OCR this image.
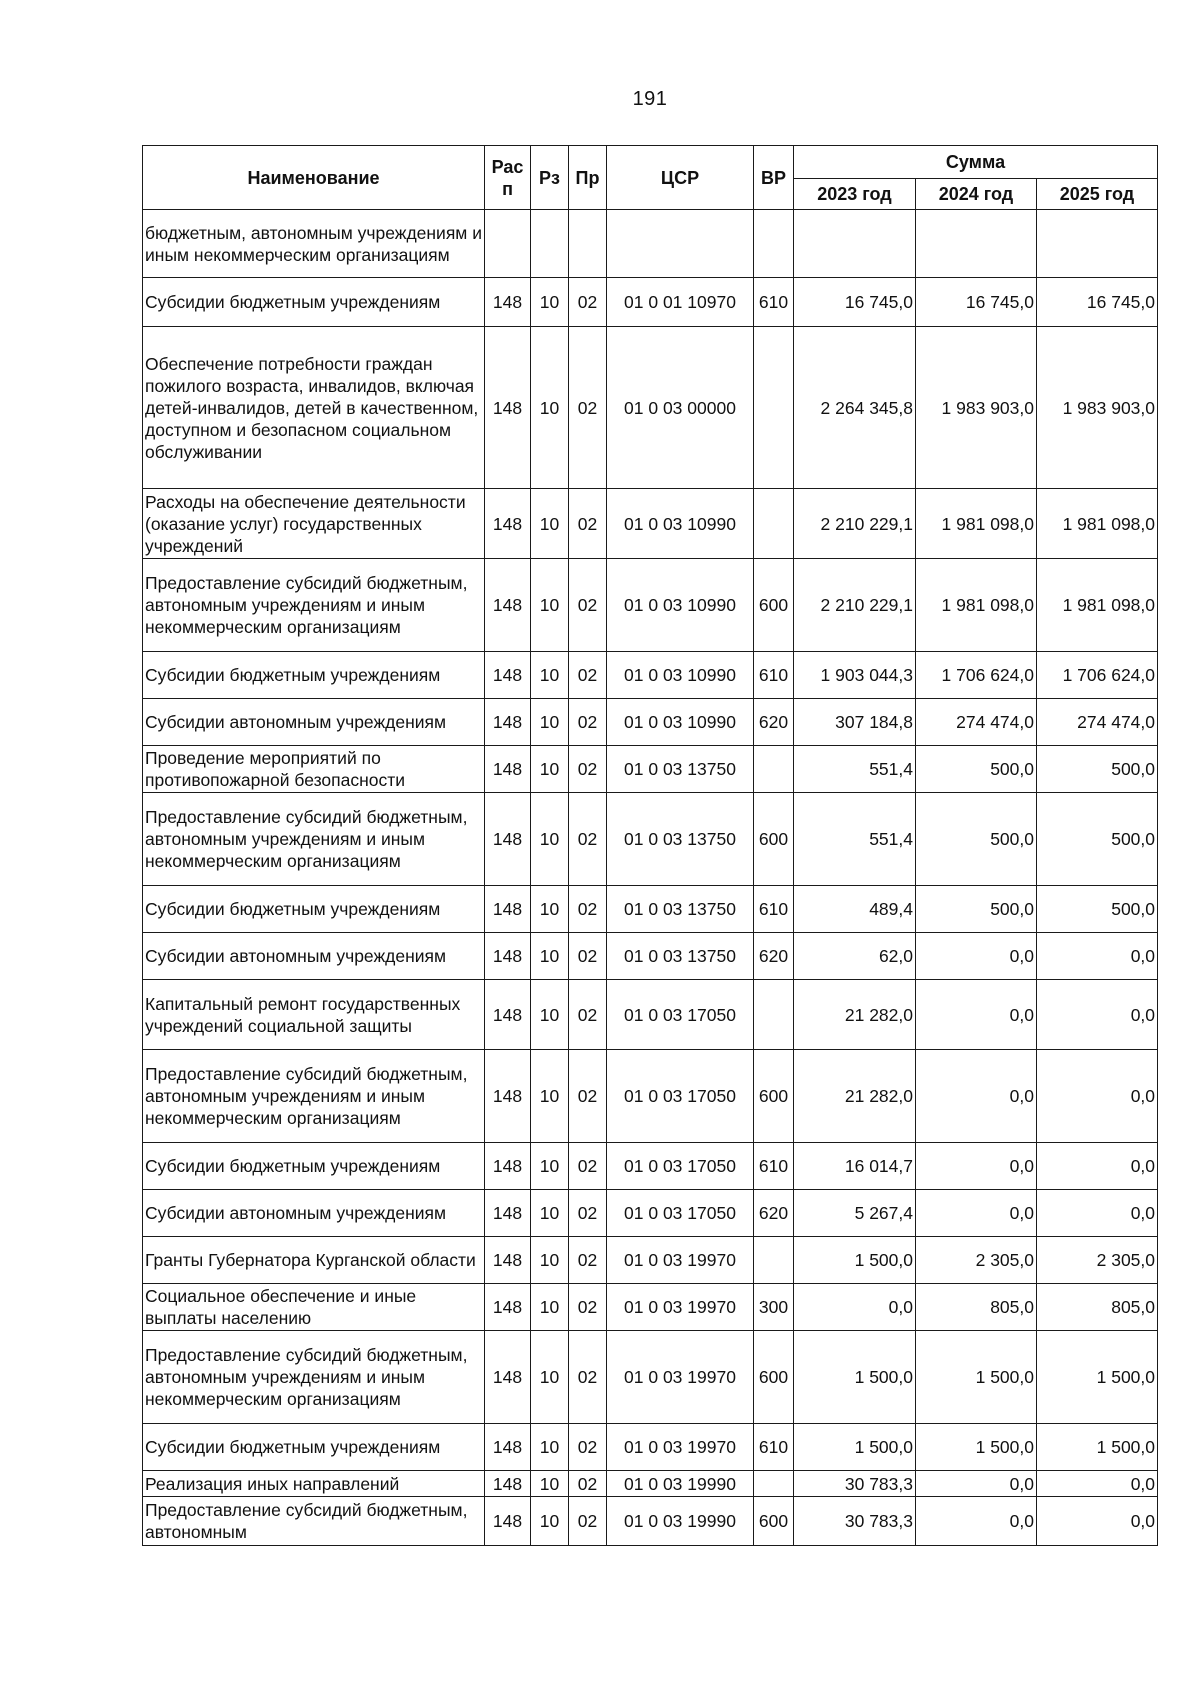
191
Наименование	Рас п	Рз	Пр	ЦСР	ВР	Сумма		
						2023 год	2024 год	2025 год
бюджетным, автономным учреждениям и иным некоммерческим организациям								
Субсидии бюджетным учреждениям	148	10	02	01 0 01 10970	610	16 745,0	16 745,0	16 745,0
Обеспечение потребности граждан пожилого возраста, инвалидов, включая детей-инвалидов, детей в качественном, доступном и безопасном социальном обслуживании	148	10	02	01 0 03 00000		2 264 345,8	1 983 903,0	1 983 903,0
Расходы на обеспечение деятельности (оказание услуг) государственных учреждений	148	10	02	01 0 03 10990		2 210 229,1	1 981 098,0	1 981 098,0
Предоставление субсидий бюджетным, автономным учреждениям и иным некоммерческим организациям	148	10	02	01 0 03 10990	600	2 210 229,1	1 981 098,0	1 981 098,0
Субсидии бюджетным учреждениям	148	10	02	01 0 03 10990	610	1 903 044,3	1 706 624,0	1 706 624,0
Субсидии автономным учреждениям	148	10	02	01 0 03 10990	620	307 184,8	274 474,0	274 474,0
Проведение мероприятий по противопожарной безопасности	148	10	02	01 0 03 13750		551,4	500,0	500,0
Предоставление субсидий бюджетным, автономным учреждениям и иным некоммерческим организациям	148	10	02	01 0 03 13750	600	551,4	500,0	500,0
Субсидии бюджетным учреждениям	148	10	02	01 0 03 13750	610	489,4	500,0	500,0
Субсидии автономным учреждениям	148	10	02	01 0 03 13750	620	62,0	0,0	0,0
Капитальный ремонт государственных учреждений социальной защиты	148	10	02	01 0 03 17050		21 282,0	0,0	0,0
Предоставление субсидий бюджетным, автономным учреждениям и иным некоммерческим организациям	148	10	02	01 0 03 17050	600	21 282,0	0,0	0,0
Субсидии бюджетным учреждениям	148	10	02	01 0 03 17050	610	16 014,7	0,0	0,0
Субсидии автономным учреждениям	148	10	02	01 0 03 17050	620	5 267,4	0,0	0,0
Гранты Губернатора Курганской области	148	10	02	01 0 03 19970		1 500,0	2 305,0	2 305,0
Социальное обеспечение и иные выплаты населению	148	10	02	01 0 03 19970	300	0,0	805,0	805,0
Предоставление субсидий бюджетным, автономным учреждениям и иным некоммерческим организациям	148	10	02	01 0 03 19970	600	1 500,0	1 500,0	1 500,0
Субсидии бюджетным учреждениям	148	10	02	01 0 03 19970	610	1 500,0	1 500,0	1 500,0
Реализация иных направлений	148	10	02	01 0 03 19990		30 783,3	0,0	0,0
Предоставление субсидий бюджетным, автономным	148	10	02	01 0 03 19990	600	30 783,3	0,0	0,0
